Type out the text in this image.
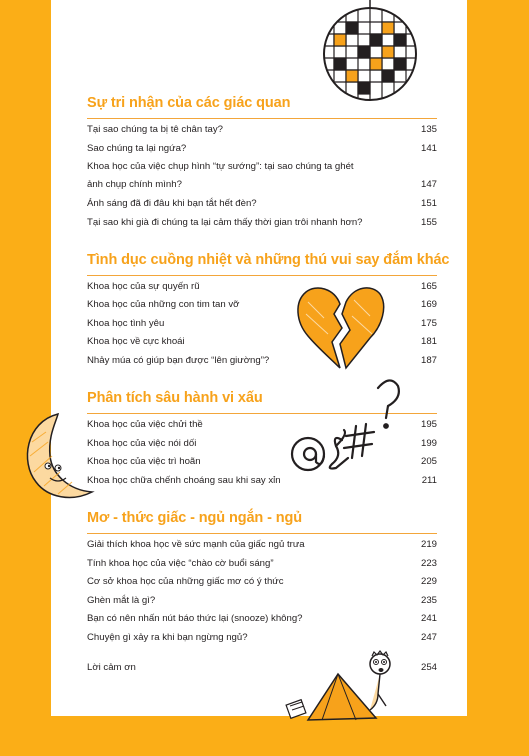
Sự tri nhận của các giác quan
Tại sao chúng ta bị tê chân tay?	135
Sao chúng ta lại ngứa?	141
Khoa học của việc chụp hình “tự sướng”: tại sao chúng ta ghét
ảnh chụp chính mình?	147
Ánh sáng đã đi đâu khi bạn tắt hết đèn?	151
Tại sao khi già đi chúng ta lại cảm thấy thời gian trôi nhanh hơn?	155
Tình dục cuồng nhiệt và những thú vui say đắm khác
Khoa học của sự quyến rũ	165
Khoa học của những con tim tan vỡ	169
Khoa học tình yêu	175
Khoa học về cực khoái	181
Nhảy múa có giúp bạn được “lên giường”?	187
Phân tích sâu hành vi xấu
Khoa học của việc chửi thề	195
Khoa học của việc nói dối	199
Khoa học của việc trì hoãn	205
Khoa học chữa chếnh choáng sau khi say xỉn	211
Mơ - thức giấc - ngủ ngắn - ngủ
Giải thích khoa học về sức mạnh của giấc ngủ trưa	219
Tính khoa học của việc “chào cờ buổi sáng”	223
Cơ sở khoa học của những giấc mơ có ý thức	229
Ghèn mắt là gì?	235
Bạn có nên nhấn nút báo thức lại (snooze) không?	241
Chuyện gì xảy ra khi bạn ngừng ngủ?	247
Lời cảm ơn	254
